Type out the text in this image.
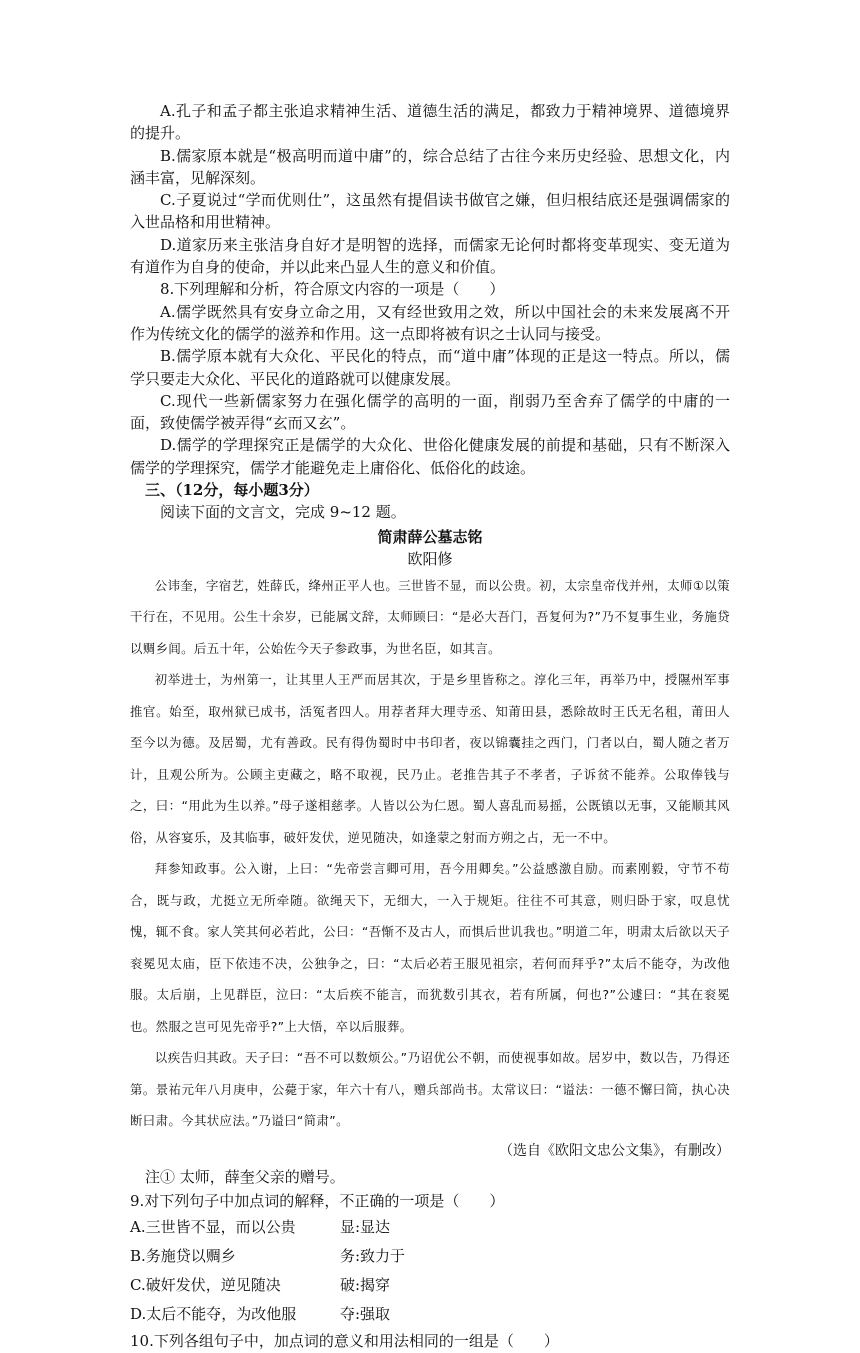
A.孔子和孟子都主张追求精神生活、道德生活的满足，都致力于精神境界、道德境界的提升。

B.儒家原本就是“极高明而道中庸”的，综合总结了古往今来历史经验、思想文化，内涵丰富，见解深刻。

C.子夏说过“学而优则仕”，这虽然有提倡读书做官之嫌，但归根结底还是强调儒家的入世品格和用世精神。

D.道家历来主张洁身自好才是明智的选择，而儒家无论何时都将变革现实、变无道为有道作为自身的使命，并以此来凸显人生的意义和价值。

8.下列理解和分析，符合原文内容的一项是（　　）

A.儒学既然具有安身立命之用，又有经世致用之效，所以中国社会的未来发展离不开作为传统文化的儒学的滋养和作用。这一点即将被有识之士认同与接受。

B.儒学原本就有大众化、平民化的特点，而“道中庸”体现的正是这一特点。所以，儒学只要走大众化、平民化的道路就可以健康发展。

C.现代一些新儒家努力在强化儒学的高明的一面，削弱乃至舍弃了儒学的中庸的一面，致使儒学被弄得“玄而又玄”。

D.儒学的学理探究正是儒学的大众化、世俗化健康发展的前提和基础，只有不断深入儒学的学理探究，儒学才能避免走上庸俗化、低俗化的歧途。

三、（12分，每小题3分）

阅读下面的文言文，完成 9~12 题。

简肃薛公墓志铭

欧阳修

公讳奎，字宿艺，姓薛氏，绛州正平人也。三世皆不显，而以公贵。初，太宗皇帝伐并州，太师①以策干行在，不见用。公生十余岁，已能属文辞，太师顾曰：“是必大吾门，吾复何为?”乃不复事生业，务施贷以赒乡闾。后五十年，公始佐今天子参政事，为世名臣，如其言。

初举进士，为州第一，让其里人王严而居其次，于是乡里皆称之。淳化三年，再举乃中，授隰州军事推官。始至，取州狱已成书，活冤者四人。用荐者拜大理寺丞、知莆田县，悉除故时王氏无名租，莆田人至今以为德。及居蜀，尤有善政。民有得伪蜀时中书印者，夜以锦囊挂之西门，门者以白，蜀人随之者万计，且观公所为。公顾主吏藏之，略不取视，民乃止。老推告其子不孝者，子诉贫不能养。公取俸钱与之，曰：“用此为生以养。”母子遂相慈孝。人皆以公为仁恩。蜀人喜乱而易摇，公既镇以无事，又能顺其风俗，从容宴乐，及其临事，破奸发伏，逆见随决，如逢蒙之射而方朔之占，无一不中。

拜参知政事。公入谢，上曰：“先帝尝言卿可用，吾今用卿矣。”公益感激自励。而素刚毅，守节不苟合，既与政，尤挺立无所牵随。欲绳天下，无细大，一入于规矩。往往不可其意，则归卧于家，叹息忧愧，辄不食。家人笑其何必若此，公曰：“吾惭不及古人，而惧后世讥我也。”明道二年，明肃太后欲以天子衮冕见太庙，臣下依违不决，公独争之，曰：“太后必若王服见祖宗，若何而拜乎?”太后不能夺，为改他服。太后崩，上见群臣，泣曰：“太后疾不能言，而犹数引其衣，若有所属，何也?”公遽曰：“其在衮冕也。然服之岂可见先帝乎?”上大悟，卒以后服葬。

以疾告归其政。天子曰：“吾不可以数烦公。”乃诏优公不朝，而使视事如故。居岁中，数以告，乃得还第。景祐元年八月庚申，公薨于家，年六十有八，赠兵部尚书。太常议曰：“谥法：一德不懈曰简，执心决断曰肃。今其状应法。”乃谥曰“简肃”。

（选自《欧阳文忠公文集》，有删改）

注① 太师，薛奎父亲的赠号。

9.对下列句子中加点词的解释，不正确的一项是（　　）

A.三世皆不显，而以公贵	显:显达
B.务施贷以赒乡	务:致力于
C.破奸发伏，逆见随决	破:揭穿
D.太后不能夺，为改他服	夺:强取

10.下列各组句子中，加点词的意义和用法相同的一组是（　　）
